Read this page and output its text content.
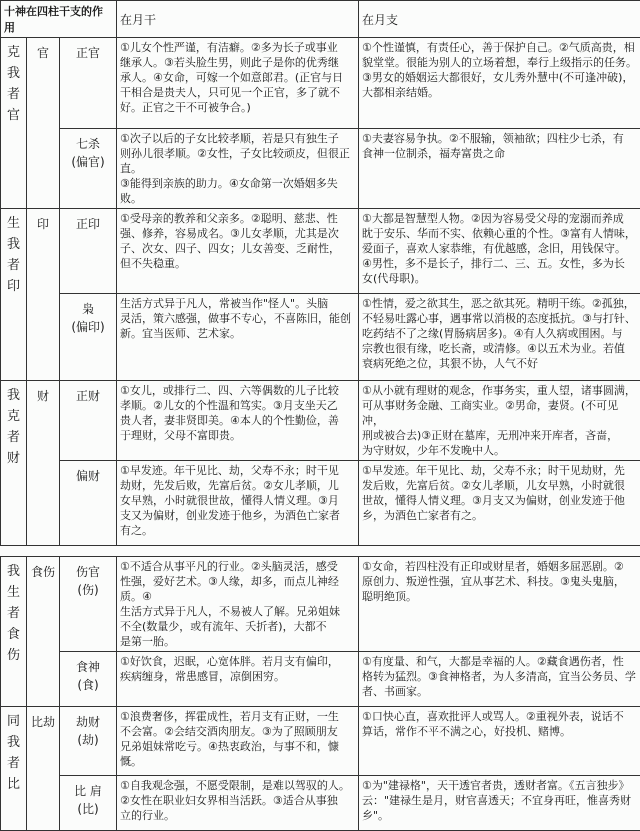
十神在四柱干支的作用			在月干	在月支

克
我
者
官	官	正官	①儿女个性严谨，有洁癖。②多为长子或事业
继承人。③若头脸生男，则此子是你的优秀继
承人。④女命，可嫁一个如意郎君。(正官与日
干相合是贵夫人，只可见一个正官，多了就不
好。正官之干不可被争合。)	①个性谨慎，有责任心，善于保护自己。②气质高贵，相
貌堂堂。很能为别人的立场着想，奉行上级指示的任务。
③男女的婚姻运大都很好，女儿秀外慧中(不可逢冲破)，
大都相亲结婚。
		七杀
(偏官)	①次子以后的子女比较孝顺，若是只有独生子
则孙儿很孝顺。②女性，子女比较顽皮，但很正直。
③能得到亲族的助力。④女命第一次婚姻多失
败。	①夫妻容易争执。②不服输，领袖欲；四柱少七杀，有
食神一位制杀，福寿富贵之命

生
我
者
印	印	正印	①受母亲的教养和父亲多。②聪明、慈悲、性
强、修养，容易成名。③儿女孝顺，尤其是次
子、次女、四子、四女；儿女善变、乏耐性，
但不失稳重。	①大都是智慧型人物。②因为容易受父母的宠溺而养成
眈于安乐、华而不实、依赖心重的个性。③富有人情味，
爱面子，喜欢人家恭维，有优越感，念旧，用钱保守。
④男性，多不是长子，排行二、三、五。女性，多为长
女(代母职)。
		枭
(偏印)	生活方式异于凡人，常被当作"怪人"。头脑
灵活，策六感强，做事不专心，不喜陈旧，能创
新。宜当医师、艺术家。	①性情，爱之欲其生，恶之欲其死。精明干练。②孤独，
不轻易吐露心事，遇事常以消极的态度抵抗。③与打针、
吃药结不了之缘(胃肠病居多)。④有人久病或围困。与
宗教也很有缘，吃长斋，或清修。④以五术为业。若值
衰病死绝之位，其狠不协，人气不好

我
克
者
财	财	正财	①女儿，或排行二、四、六等偶数的儿子比较
孝顺。②儿女的个性温和笃实。③月支坐天乙
贵人者，妻非贤即美。④本人的个性勤俭，善
于理财，父母不富即贵。	①从小就有理财的观念，作事务实，重人望，诸事圆满，
可从事财务金融、工商实业。②男命，妻贤。(不可见冲，
刑或被合去)③正财在墓库，无刑冲来开库者，吝啬，
为守财奴，少年不发晚中人。
		偏财	①早发迹。年干见比、劫，父寿不永；时干见
劫财，先发后败，先富后贫。②女儿孝顺，儿
女早熟，小时就很世故，懂得人情义理。③月
支又为偏财，创业发迹于他乡，为酒色亡家者
有之。	①早发迹。年干见比、劫，父寿不永；时干见劫财，先
发后败，先富后贫。②女儿孝顺，儿女早熟，小时就很
世故，懂得人情义理。③月支又为偏财，创业发迹于他
乡，为酒色亡家者有之。

我
生
者
食
伤	食伤	伤官
(伤)	①不适合从事平凡的行业。②头脑灵活，感受
性强，爱好艺术。③人缘，却多，而点儿神经质。④
生活方式异于凡人，不易被人了解。兄弟姐妹
不全(数量少，或有流年、夭折者)，大都不
是第一胎。	①女命，若四柱没有正印或财星者，婚姻多屈恶剧。②
原创力、叛逆性强，宜从事艺术、科技。③鬼头鬼脑，
聪明绝顶。
		食神
(食)	①好饮食，迟眠，心宽体胖。若月支有偏印，
疾病缠身，常患感冒，凉倒困穷。	①有度量、和气，大都是幸福的人。②藏食遇伤者，性
格转为猛烈。③食神格者，为人多清高，宜当公务员、学
者、书画家。

同
我
者
比	比劫	劫财
(劫)	①浪费奢侈，挥霍成性，若月支有正财，一生
不会富。②会结交酒肉朋友。③为了照顾朋友
兄弟姐妹常吃亏。④热衷政治，与事不和，慷
慨。	①口快心直，喜欢批评人或骂人。②重视外表，说话不
算话，常作不平不满之心，好投机、赌博。
		比 肩
(比)	①自我观念强，不愿受限制，是难以驾驭的人。
②女性在职业妇女界相当活跃。③适合从事独
立的行业。	①为"建禄格"，天干透官者贵，透财者富。《五言独步》
云："建禄生是月，财官喜透天；不宜身再旺，惟喜秀财
乡"。
